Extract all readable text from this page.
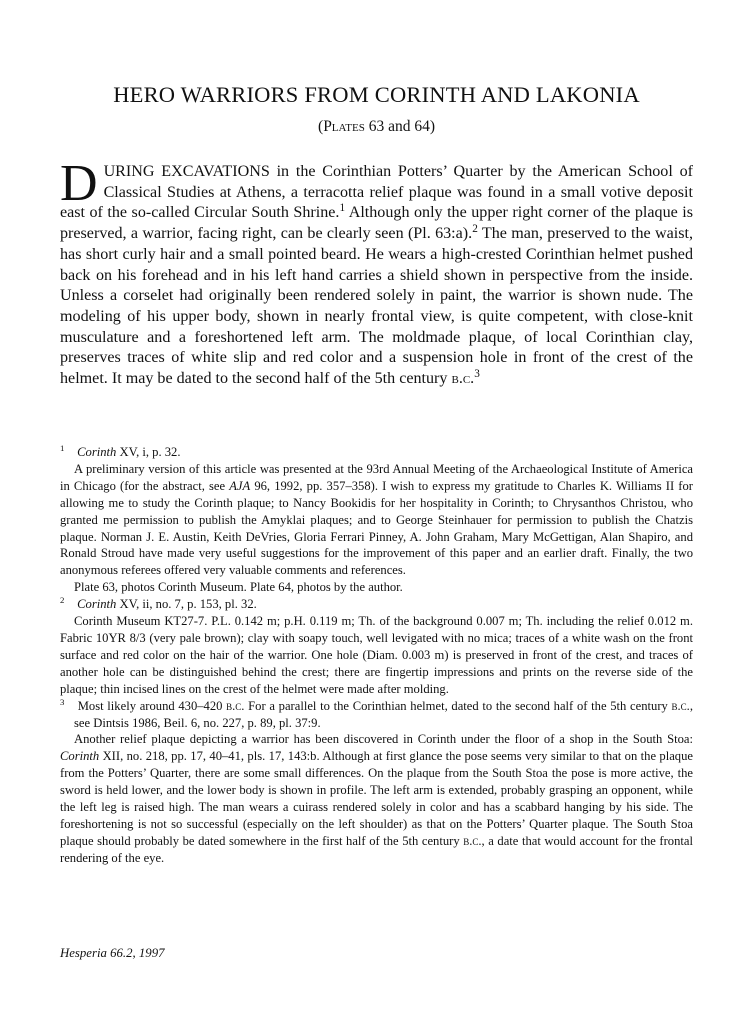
HERO WARRIORS FROM CORINTH AND LAKONIA
(Plates 63 and 64)
DURING EXCAVATIONS in the Corinthian Potters’ Quarter by the American School of Classical Studies at Athens, a terracotta relief plaque was found in a small votive deposit east of the so-called Circular South Shrine.$^1$ Although only the upper right corner of the plaque is preserved, a warrior, facing right, can be clearly seen (Pl. 63:a).$^2$ The man, preserved to the waist, has short curly hair and a small pointed beard. He wears a high-crested Corinthian helmet pushed back on his forehead and in his left hand carries a shield shown in perspective from the inside. Unless a corselet had originally been rendered solely in paint, the warrior is shown nude. The modeling of his upper body, shown in nearly frontal view, is quite competent, with close-knit musculature and a foreshortened left arm. The moldmade plaque, of local Corinthian clay, preserves traces of white slip and red color and a suspension hole in front of the crest of the helmet. It may be dated to the second half of the 5th century b.c.$^3$

$^1$ Corinth XV, i, p. 32.

A preliminary version of this article was presented at the 93rd Annual Meeting of the Archaeological Institute of America in Chicago (for the abstract, see AJA 96, 1992, pp. 357–358). I wish to express my gratitude to Charles K. Williams II for allowing me to study the Corinth plaque; to Nancy Bookidis for her hospitality in Corinth; to Chrysanthos Christou, who granted me permission to publish the Amyklai plaques; and to George Steinhauer for permission to publish the Chatzis plaque. Norman J. E. Austin, Keith DeVries, Gloria Ferrari Pinney, A. John Graham, Mary McGettigan, Alan Shapiro, and Ronald Stroud have made very useful suggestions for the improvement of this paper and an earlier draft. Finally, the two anonymous referees offered very valuable comments and references.

Plate 63, photos Corinth Museum. Plate 64, photos by the author.

$^2$ Corinth XV, ii, no. 7, p. 153, pl. 32.

Corinth Museum KT27-7. P.L. 0.142 m; p.H. 0.119 m; Th. of the background 0.007 m; Th. including the relief 0.012 m. Fabric 10YR 8/3 (very pale brown); clay with soapy touch, well levigated with no mica; traces of a white wash on the front surface and red color on the hair of the warrior. One hole (Diam. 0.003 m) is preserved in front of the crest, and traces of another hole can be distinguished behind the crest; there are fingertip impressions and prints on the reverse side of the plaque; thin incised lines on the crest of the helmet were made after molding.

$^3$ Most likely around 430–420 b.c. For a parallel to the Corinthian helmet, dated to the second half of the 5th century b.c., see Dintsis 1986, Beil. 6, no. 227, p. 89, pl. 37:9.

Another relief plaque depicting a warrior has been discovered in Corinth under the floor of a shop in the South Stoa: Corinth XII, no. 218, pp. 17, 40–41, pls. 17, 143:b. Although at first glance the pose seems very similar to that on the plaque from the Potters’ Quarter, there are some small differences. On the plaque from the South Stoa the pose is more active, the sword is held lower, and the lower body is shown in profile. The left arm is extended, probably grasping an opponent, while the left leg is raised high. The man wears a cuirass rendered solely in color and has a scabbard hanging by his side. The foreshortening is not so successful (especially on the left shoulder) as that on the Potters’ Quarter plaque. The South Stoa plaque should probably be dated somewhere in the first half of the 5th century b.c., a date that would account for the frontal rendering of the eye.

Hesperia 66.2, 1997
